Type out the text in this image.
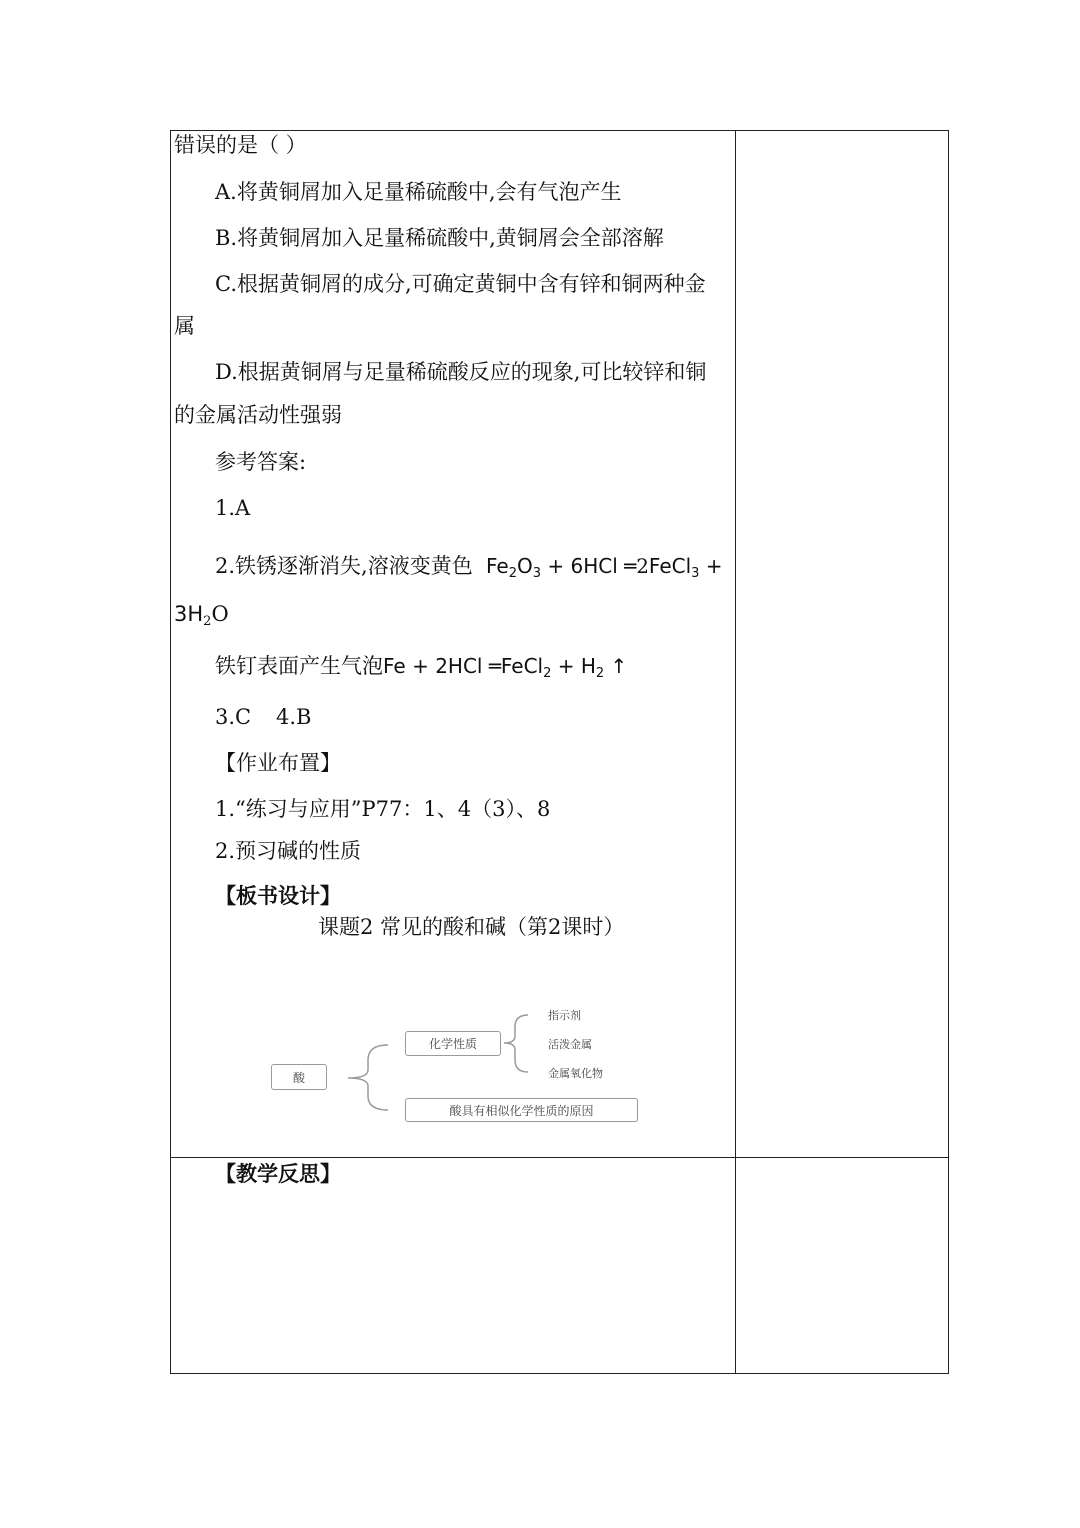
错误的是（ ）
A.将黄铜屑加入足量稀硫酸中,会有气泡产生
B.将黄铜屑加入足量稀硫酸中,黄铜屑会全部溶解
C.根据黄铜屑的成分,可确定黄铜中含有锌和铜两种金
属
D.根据黄铜屑与足量稀硫酸反应的现象,可比较锌和铜
的金属活动性强弱
参考答案:
1.A
2.铁锈逐渐消失,溶液变黄色 $Fe_2O_3 + 6HCl$ ═2FeCl$_3$ +
$3H_2O$
铁钉表面产生气泡Fe + 2HCl ═FeCl$_2$ + $H_2$ ↑
3.C 4.B
【作业布置】
1.“练习与应用”P77：1、4（3）、8
2.预习碱的性质
【板书设计】
课题2 常见的酸和碱（第2课时）
酸
化学性质
酸具有相似化学性质的原因
指示剂
活泼金属
金属氧化物
【教学反思】
